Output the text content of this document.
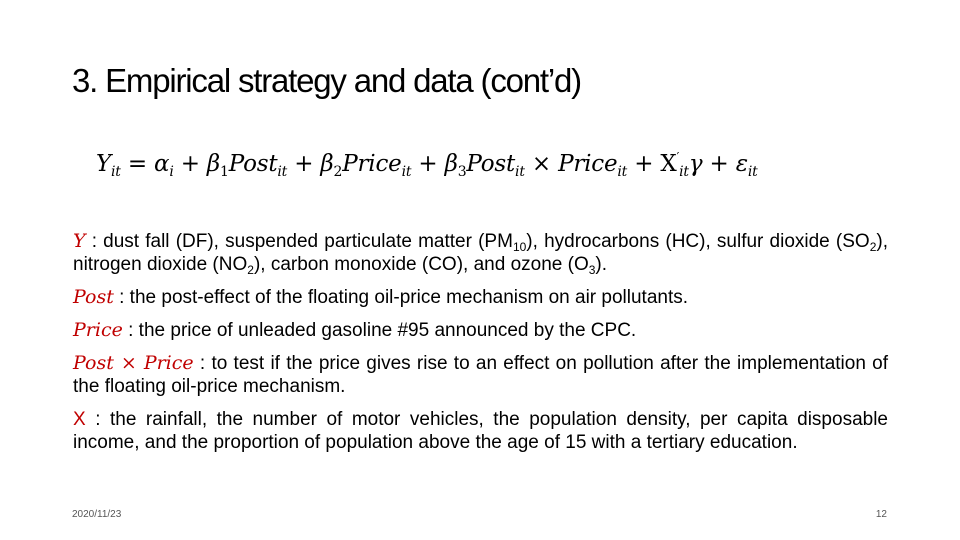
3. Empirical strategy and data (cont’d)
$Y_{it} = \alpha_i$ + $\beta_1Post_{it}$ + $\beta_2Price_{it}$ + $\beta_3Post_{it}$ × Price$_{it}$ + $X'_{it}\gamma + \varepsilon_{it}$
Y : dust fall (DF), suspended particulate matter $(PM_{10})$, hydrocarbons (HC), sulfur dioxide $(SO_2)$, nitrogen dioxide $(NO_2)$, carbon monoxide (CO), and ozone $(O_3)$.
Post : the post-effect of the floating oil-price mechanism on air pollutants.
Price : the price of unleaded gasoline #95 announced by the CPC.
Post × Price : to test if the price gives rise to an effect on pollution after the implementation of the floating oil-price mechanism.
X : the rainfall, the number of motor vehicles, the population density, per capita disposable income, and the proportion of population above the age of 15 with a tertiary education.
2020/11/23	12
